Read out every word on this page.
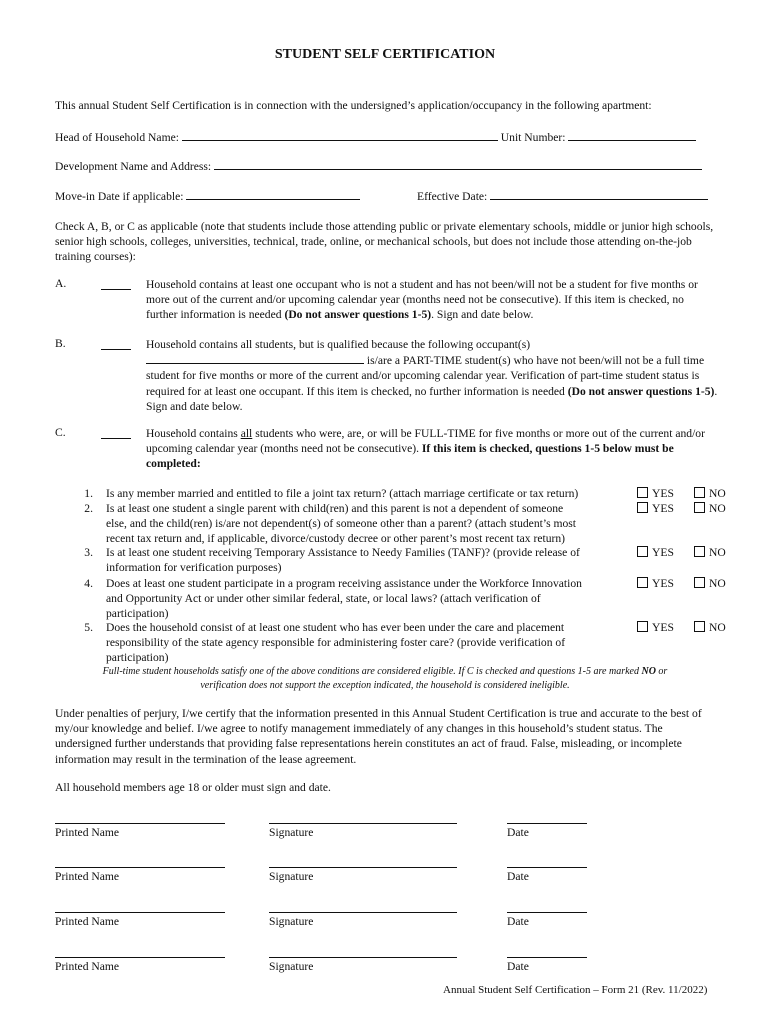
STUDENT SELF CERTIFICATION
This annual Student Self Certification is in connection with the undersigned’s application/occupancy in the following apartment:
Head of Household Name:	Unit Number:
Development Name and Address:
Move-in Date if applicable:	Effective Date:
Check A, B, or C as applicable (note that students include those attending public or private elementary schools, middle or junior high schools, senior high schools, colleges, universities, technical, trade, online, or mechanical schools, but does not include those attending on-the-job training courses):
A.	Household contains at least one occupant who is not a student and has not been/will not be a student for five months or more out of the current and/or upcoming calendar year (months need not be consecutive). If this item is checked, no further information is needed (Do not answer questions 1-5). Sign and date below.
B.	Household contains all students, but is qualified because the following occupant(s)
is/are a PART-TIME student(s) who have not been/will not be a full time student for five months or more of the current and/or upcoming calendar year. Verification of part-time student status is required for at least one occupant. If this item is checked, no further information is needed (Do not answer questions 1-5). Sign and date below.
C.	Household contains all students who were, are, or will be FULL-TIME for five months or more out of the current and/or upcoming calendar year (months need not be consecutive). If this item is checked, questions 1-5 below must be completed:
1. Is any member married and entitled to file a joint tax return? (attach marriage certificate or tax return)	YES	NO
2. Is at least one student a single parent with child(ren) and this parent is not a dependent of someone
else, and the child(ren) is/are not dependent(s) of someone other than a parent? (attach student’s most
recent tax return and, if applicable, divorce/custody decree or other parent’s most recent tax return)
YES	NO
3. Is at least one student receiving Temporary Assistance to Needy Families (TANF)? (provide release of
information for verification purposes)
YES	NO
4. Does at least one student participate in a program receiving assistance under the Workforce Innovation
and Opportunity Act or under other similar federal, state, or local laws? (attach verification of
participation)
YES	NO
5. Does the household consist of at least one student who has ever been under the care and placement
responsibility of the state agency responsible for administering foster care? (provide verification of
participation)
YES	NO
Full-time student households satisfy one of the above conditions are considered eligible. If C is checked and questions 1-5 are marked NO or
verification does not support the exception indicated, the household is considered ineligible.
Under penalties of perjury, I/we certify that the information presented in this Annual Student Certification is true and accurate to the best of my/our knowledge and belief. I/we agree to notify management immediately of any changes in this household’s student status. The undersigned further understands that providing false representations herein constitutes an act of fraud. False, misleading, or incomplete information may result in the termination of the lease agreement.
All household members age 18 or older must sign and date.
Printed Name	Signature	Date
Printed Name	Signature	Date
Printed Name	Signature	Date
Printed Name	Signature	Date
Annual Student Self Certification – Form 21 (Rev. 11/2022)
